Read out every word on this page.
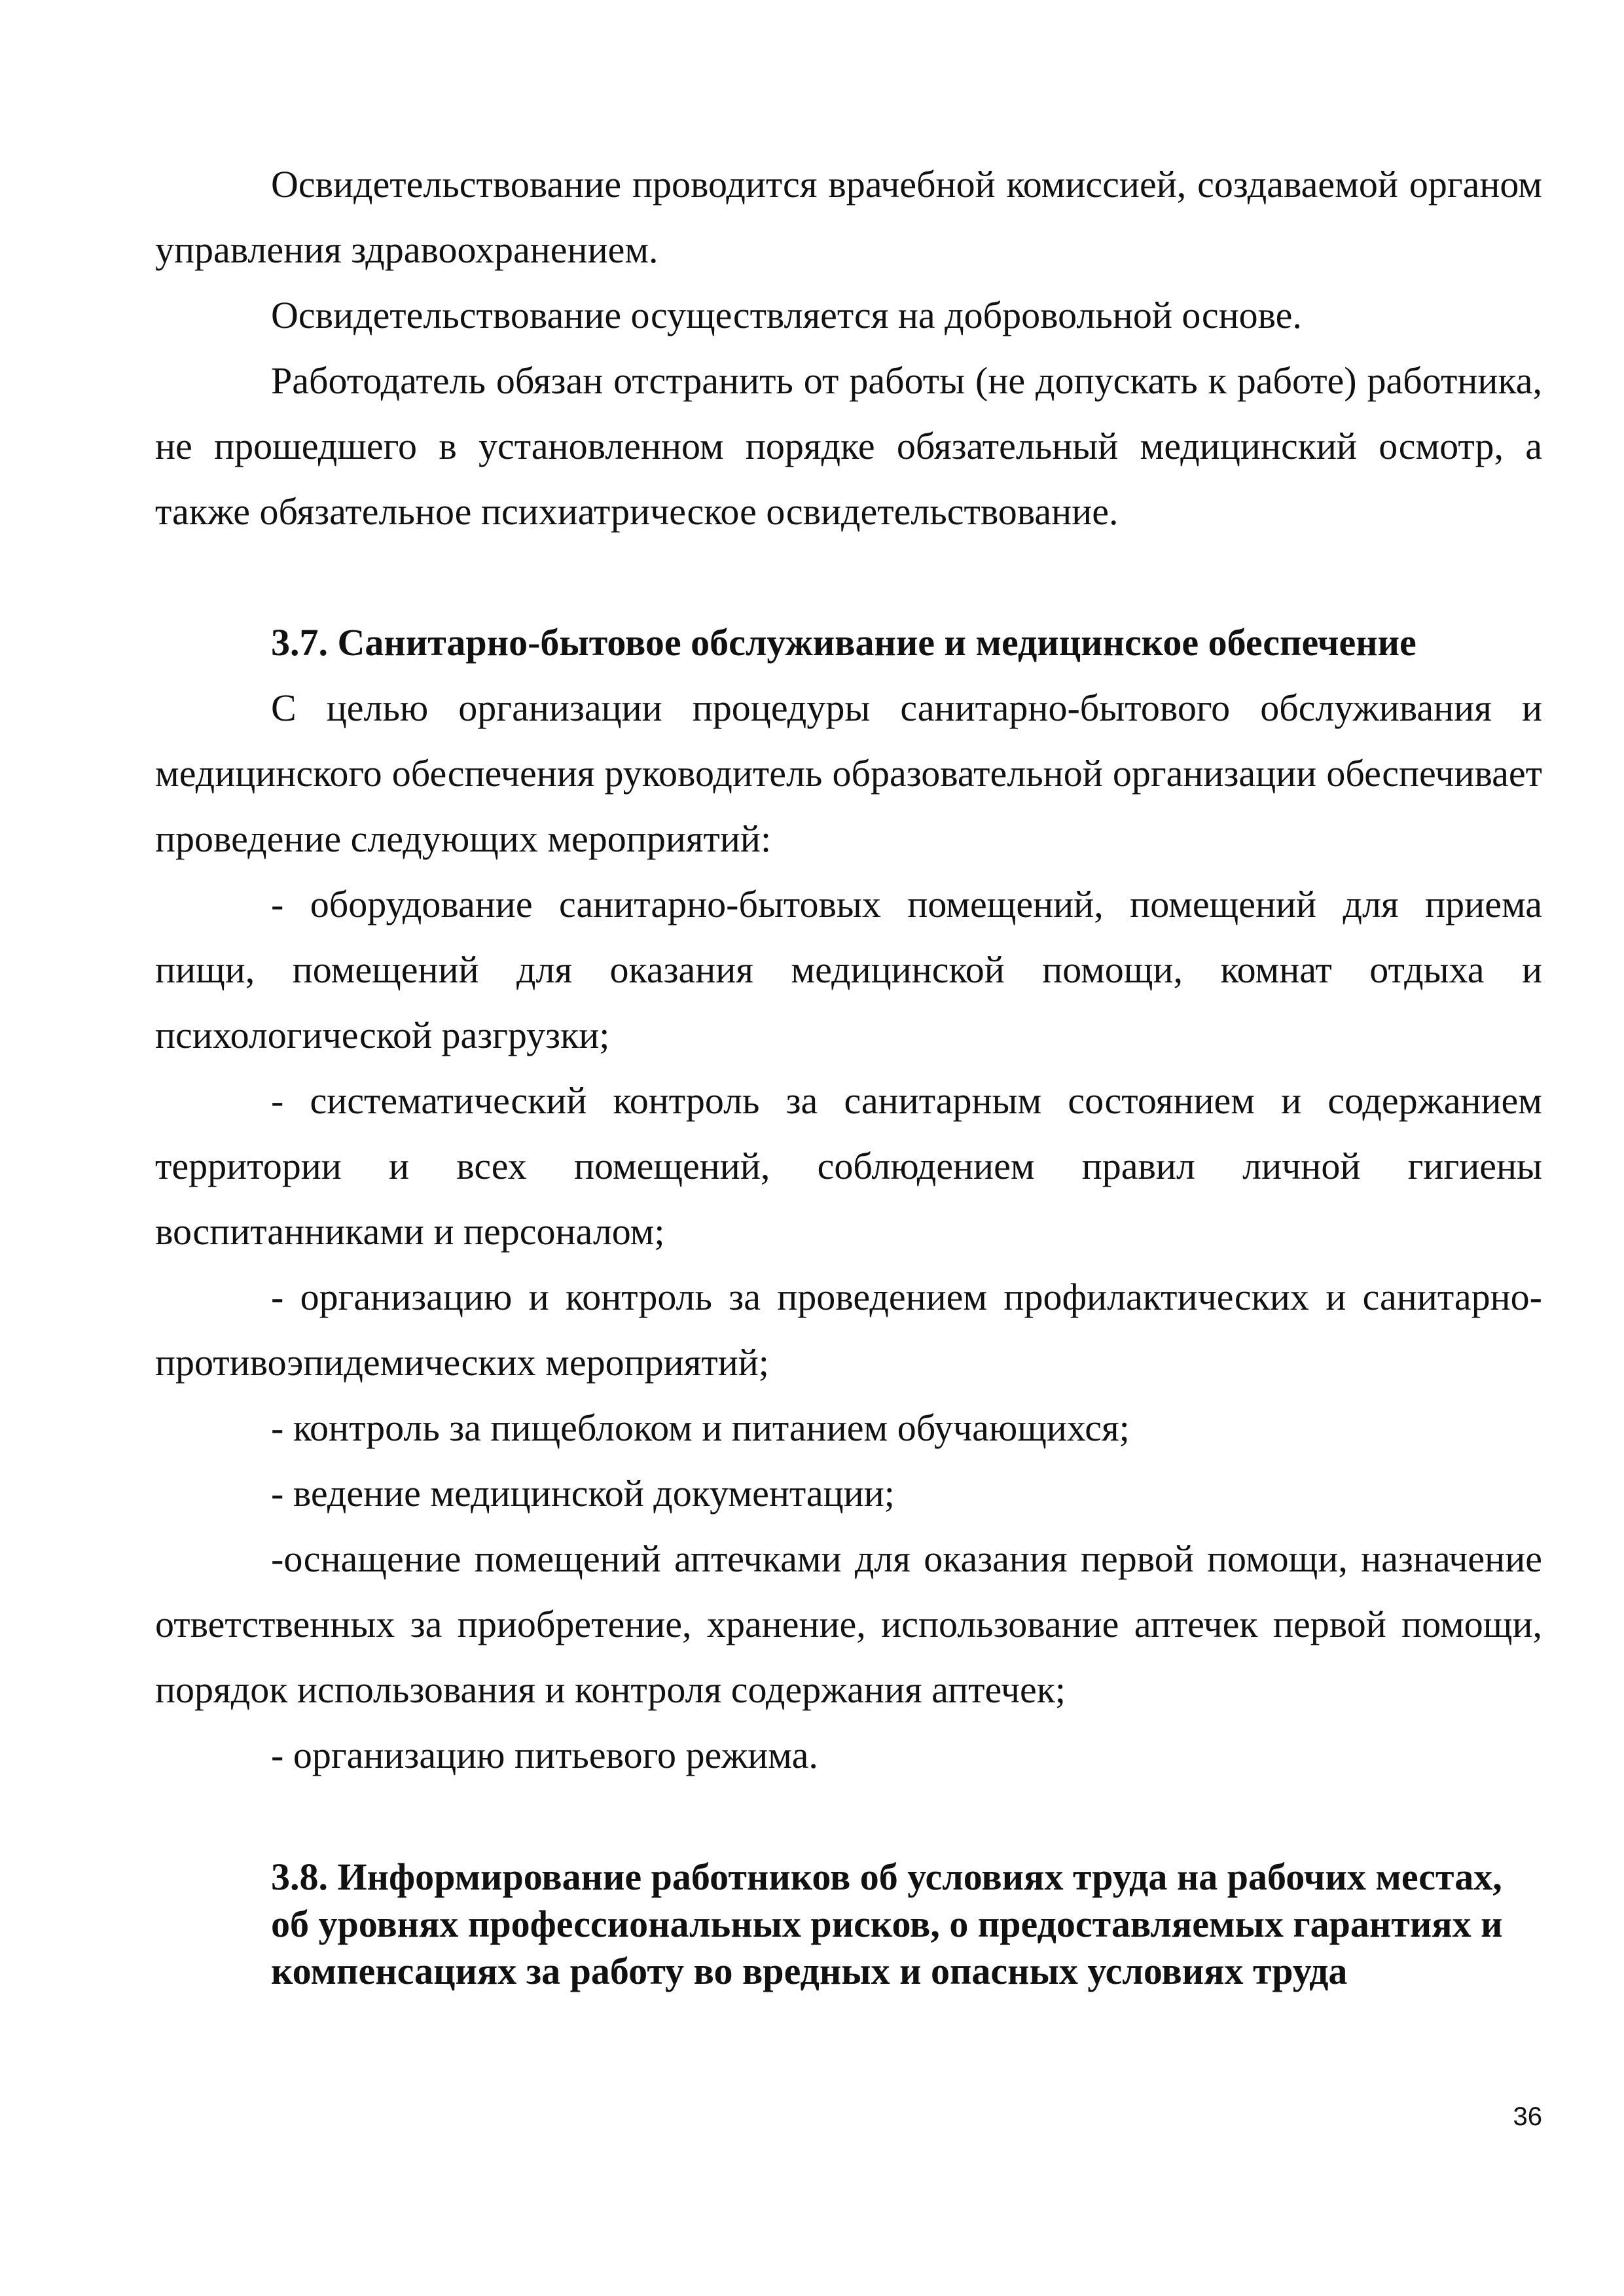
Освидетельствование проводится врачебной комиссией, создаваемой органом управления здравоохранением.

Освидетельствование осуществляется на добровольной основе.

Работодатель обязан отстранить от работы (не допускать к работе) работника, не прошедшего в установленном порядке обязательный медицинский осмотр, а также обязательное психиатрическое освидетельствование.

3.7. Санитарно-бытовое обслуживание и медицинское обеспечение

С целью организации процедуры санитарно-бытового обслуживания и медицинского обеспечения руководитель образовательной организации обеспечивает проведение следующих мероприятий:

- оборудование санитарно-бытовых помещений, помещений для приема пищи, помещений для оказания медицинской помощи, комнат отдыха и психологической разгрузки;

- систематический контроль за санитарным состоянием и содержанием территории и всех помещений, соблюдением правил личной гигиены воспитанниками и персоналом;

- организацию и контроль за проведением профилактических и санитарно-противоэпидемических мероприятий;

- контроль за пищеблоком и питанием обучающихся;

- ведение медицинской документации;

-оснащение помещений аптечками для оказания первой помощи, назначение ответственных за приобретение, хранение, использование аптечек первой помощи, порядок использования и контроля содержания аптечек;

- организацию питьевого режима.

3.8. Информирование работников об условиях труда на рабочих местах, об уровнях профессиональных рисков, о предоставляемых гарантиях и компенсациях за работу во вредных и опасных условиях труда
36
